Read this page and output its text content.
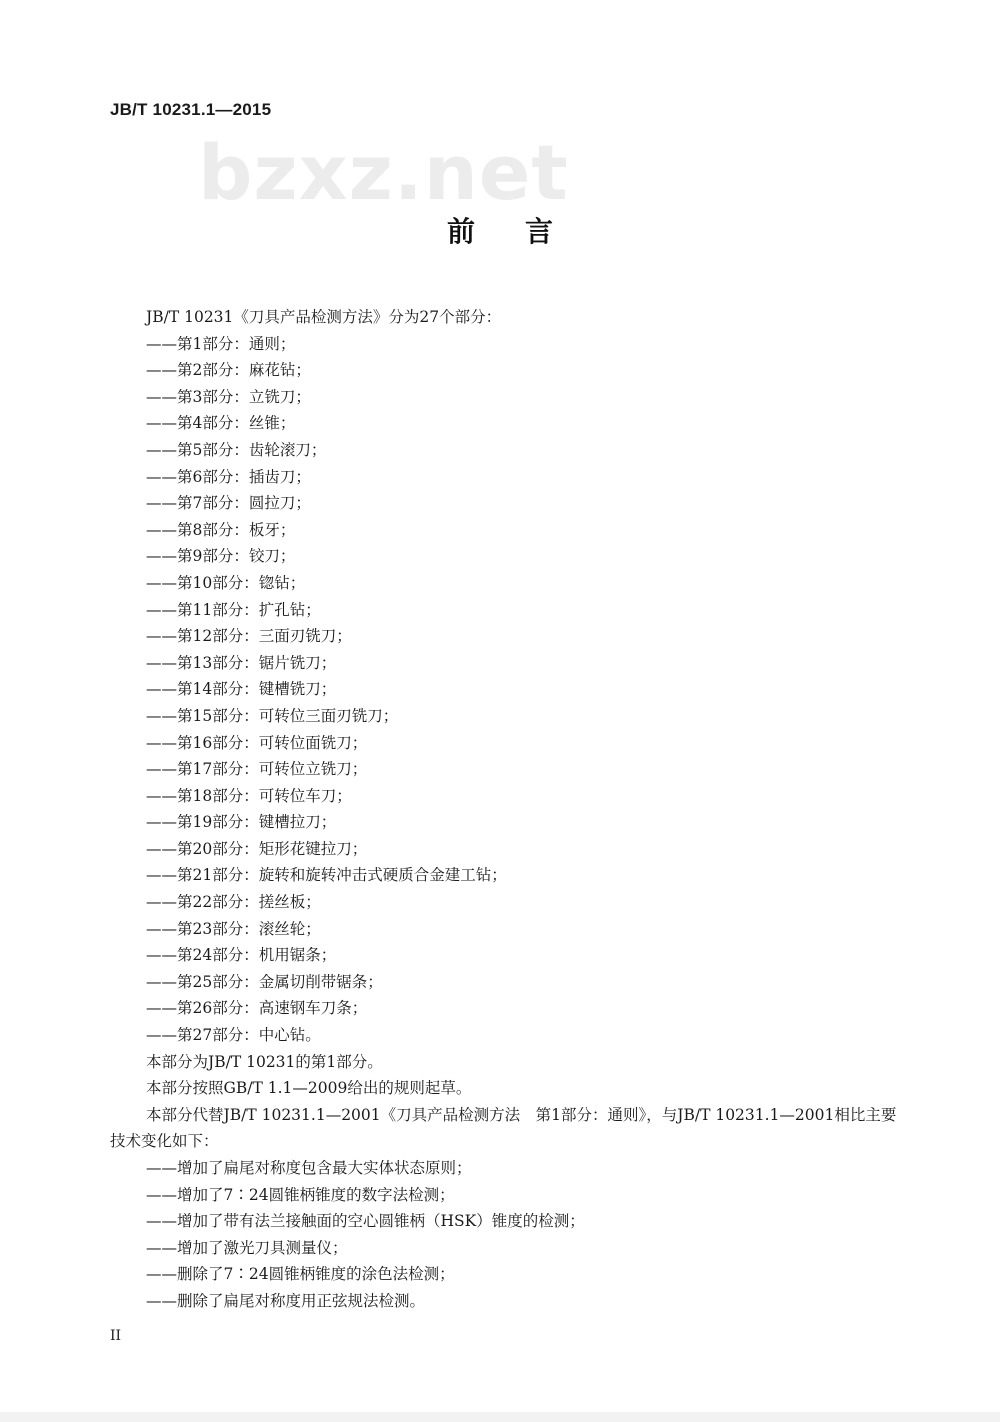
JB/T 10231.1—2015
bzxz.net
前言
JB/T 10231《刀具产品检测方法》分为27个部分：
——第1部分：通则；
——第2部分：麻花钻；
——第3部分：立铣刀；
——第4部分：丝锥；
——第5部分：齿轮滚刀；
——第6部分：插齿刀；
——第7部分：圆拉刀；
——第8部分：板牙；
——第9部分：铰刀；
——第10部分：锪钻；
——第11部分：扩孔钻；
——第12部分：三面刃铣刀；
——第13部分：锯片铣刀；
——第14部分：键槽铣刀；
——第15部分：可转位三面刃铣刀；
——第16部分：可转位面铣刀；
——第17部分：可转位立铣刀；
——第18部分：可转位车刀；
——第19部分：键槽拉刀；
——第20部分：矩形花键拉刀；
——第21部分：旋转和旋转冲击式硬质合金建工钻；
——第22部分：搓丝板；
——第23部分：滚丝轮；
——第24部分：机用锯条；
——第25部分：金属切削带锯条；
——第26部分：高速钢车刀条；
——第27部分：中心钻。
本部分为JB/T 10231的第1部分。
本部分按照GB/T 1.1—2009给出的规则起草。
本部分代替JB/T 10231.1—2001《刀具产品检测方法　第1部分：通则》，与JB/T 10231.1—2001相比主要技术变化如下：
——增加了扁尾对称度包含最大实体状态原则；
——增加了7∶24圆锥柄锥度的数字法检测；
——增加了带有法兰接触面的空心圆锥柄（HSK）锥度的检测；
——增加了激光刀具测量仪；
——删除了7∶24圆锥柄锥度的涂色法检测；
——删除了扁尾对称度用正弦规法检测。
II
